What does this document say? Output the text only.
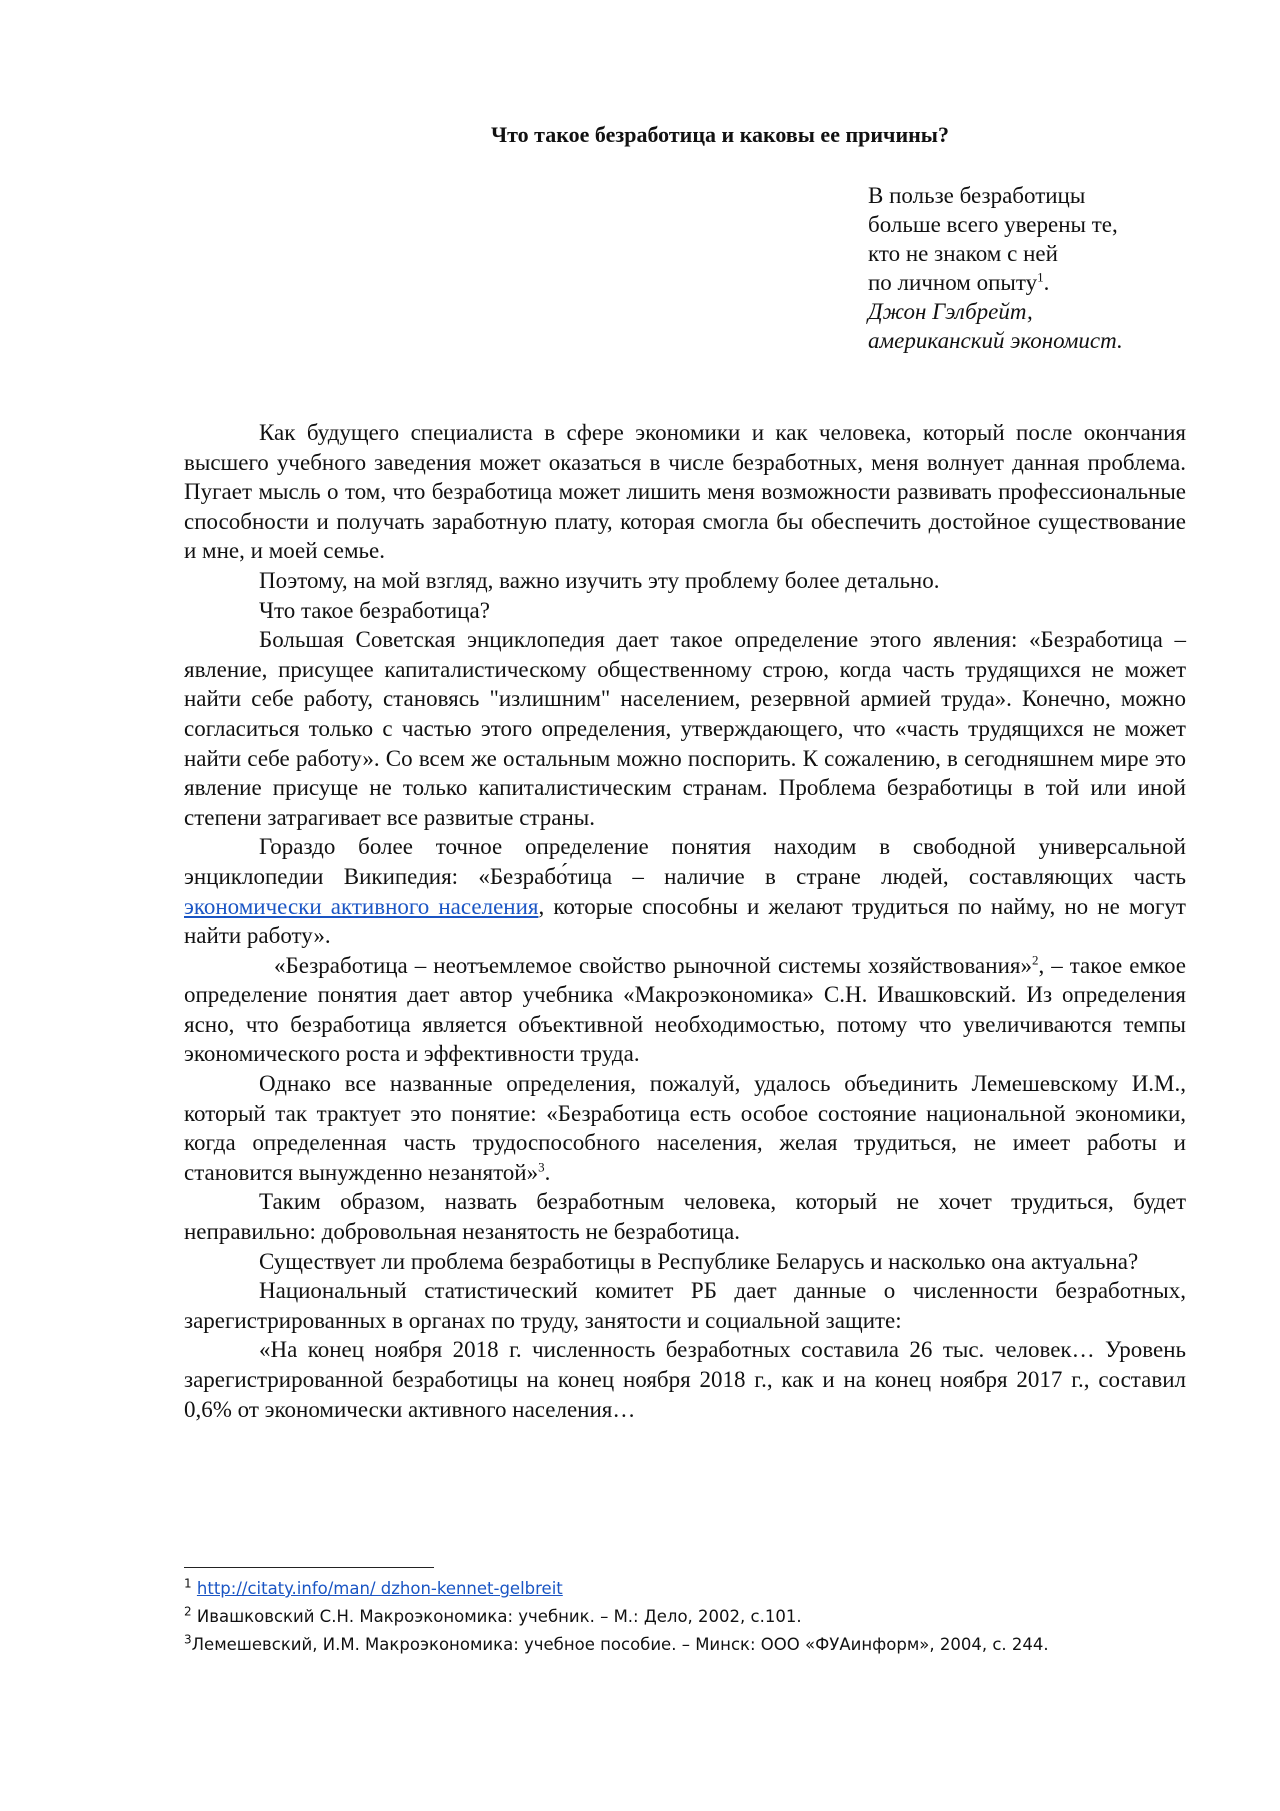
Что такое безработица и каковы ее причины?
В пользе безработицы
больше всего уверены те,
кто не знаком с ней
по личном опыту$^1$.
Джон Гэлбрейт,
американский экономист.

Как будущего специалиста в сфере экономики и как человека, который после окончания высшего учебного заведения может оказаться в числе безработных, меня волнует данная проблема. Пугает мысль о том, что безработица может лишить меня возможности развивать профессиональные способности и получать заработную плату, которая смогла бы обеспечить достойное существование и мне, и моей семье.

Поэтому, на мой взгляд, важно изучить эту проблему более детально.

Что такое безработица?

Большая Советская энциклопедия дает такое определение этого явления: «Безработица – явление, присущее капиталистическому общественному строю, когда часть трудящихся не может найти себе работу, становясь "излишним" населением, резервной армией труда». Конечно, можно согласиться только с частью этого определения, утверждающего, что «часть трудящихся не может найти себе работу». Со всем же остальным можно поспорить. К сожалению, в сегодняшнем мире это явление присуще не только капиталистическим странам. Проблема безработицы в той или иной степени затрагивает все развитые страны.

Гораздо более точное определение понятия находим в свободной универсальной энциклопедии Википедия: «Безрабо́тица – наличие в стране людей, составляющих часть экономически активного населения, которые способны и желают трудиться по найму, но не могут найти работу».

«Безработица – неотъемлемое свойство рыночной системы хозяйствования»$^2$, – такое емкое определение понятия дает автор учебника «Макроэкономика» С.Н. Ивашковский. Из определения ясно, что безработица является объективной необходимостью, потому что увеличиваются темпы экономического роста и эффективности труда.

Однако все названные определения, пожалуй, удалось объединить Лемешевскому И.М., который так трактует это понятие: «Безработица есть особое состояние национальной экономики, когда определенная часть трудоспособного населения, желая трудиться, не имеет работы и становится вынужденно незанятой»$^3$.

Таким образом, назвать безработным человека, который не хочет трудиться, будет неправильно: добровольная незанятость не безработица.

Существует ли проблема безработицы в Республике Беларусь и насколько она актуальна?

Национальный статистический комитет РБ дает данные о численности безработных, зарегистрированных в органах по труду, занятости и социальной защите:

«На конец ноября 2018 г. численность безработных составила 26 тыс. человек… Уровень зарегистрированной безработицы на конец ноября 2018 г., как и на конец ноября 2017 г., составил 0,6% от экономически активного населения…

$^1$ http://citaty.info/man/ dzhon-kennet-gelbreit
$^2$ Ивашковский С.Н. Макроэкономика: учебник. – М.: Дело, 2002, с.101.
$^3$Лемешевский, И.М. Макроэкономика: учебное пособие. – Минск: ООО «ФУАинформ», 2004, с. 244.
